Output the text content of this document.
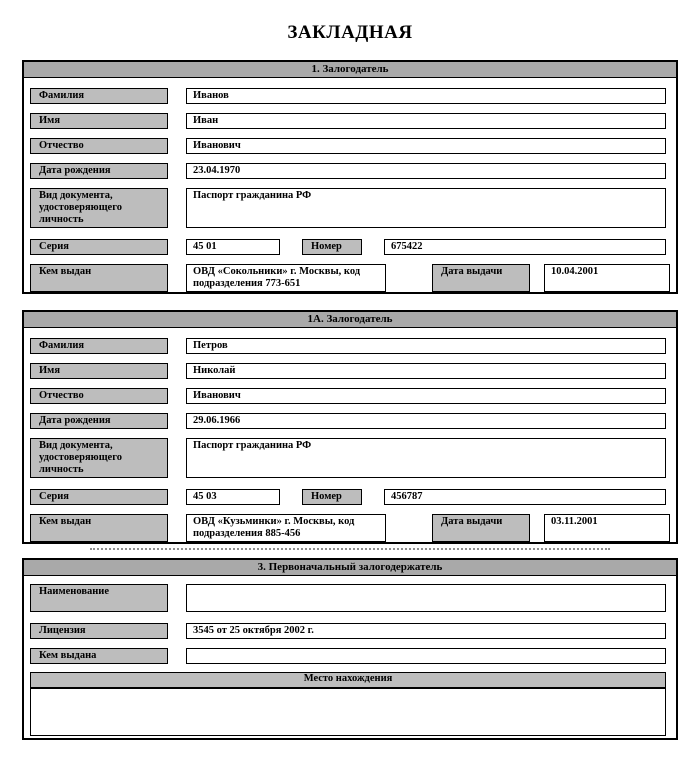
ЗАКЛАДНАЯ
1. Залогодатель
Фамилия	Иванов
Имя	Иван
Отчество	Иванович
Дата рождения	23.04.1970
Вид документа, удостоверяющего личность
Паспорт гражданина РФ
Серия	45 01	Номер	675422
Кем выдан	ОВД «Сокольники» г. Москвы, код подразделения 773-651
Дата выдачи	10.04.2001
1А. Залогодатель
Фамилия	Петров
Имя	Николай
Отчество	Иванович
Дата рождения	29.06.1966
Вид документа, удостоверяющего личность
Паспорт гражданина РФ
Серия	45 03	Номер	456787
Кем выдан	ОВД «Кузьминки» г. Москвы, код подразделения 885-456
Дата выдачи	03.11.2001
3. Первоначальный залогодержатель
Наименование
Лицензия	3545 от 25 октября 2002 г.
Кем выдана
Место нахождения
